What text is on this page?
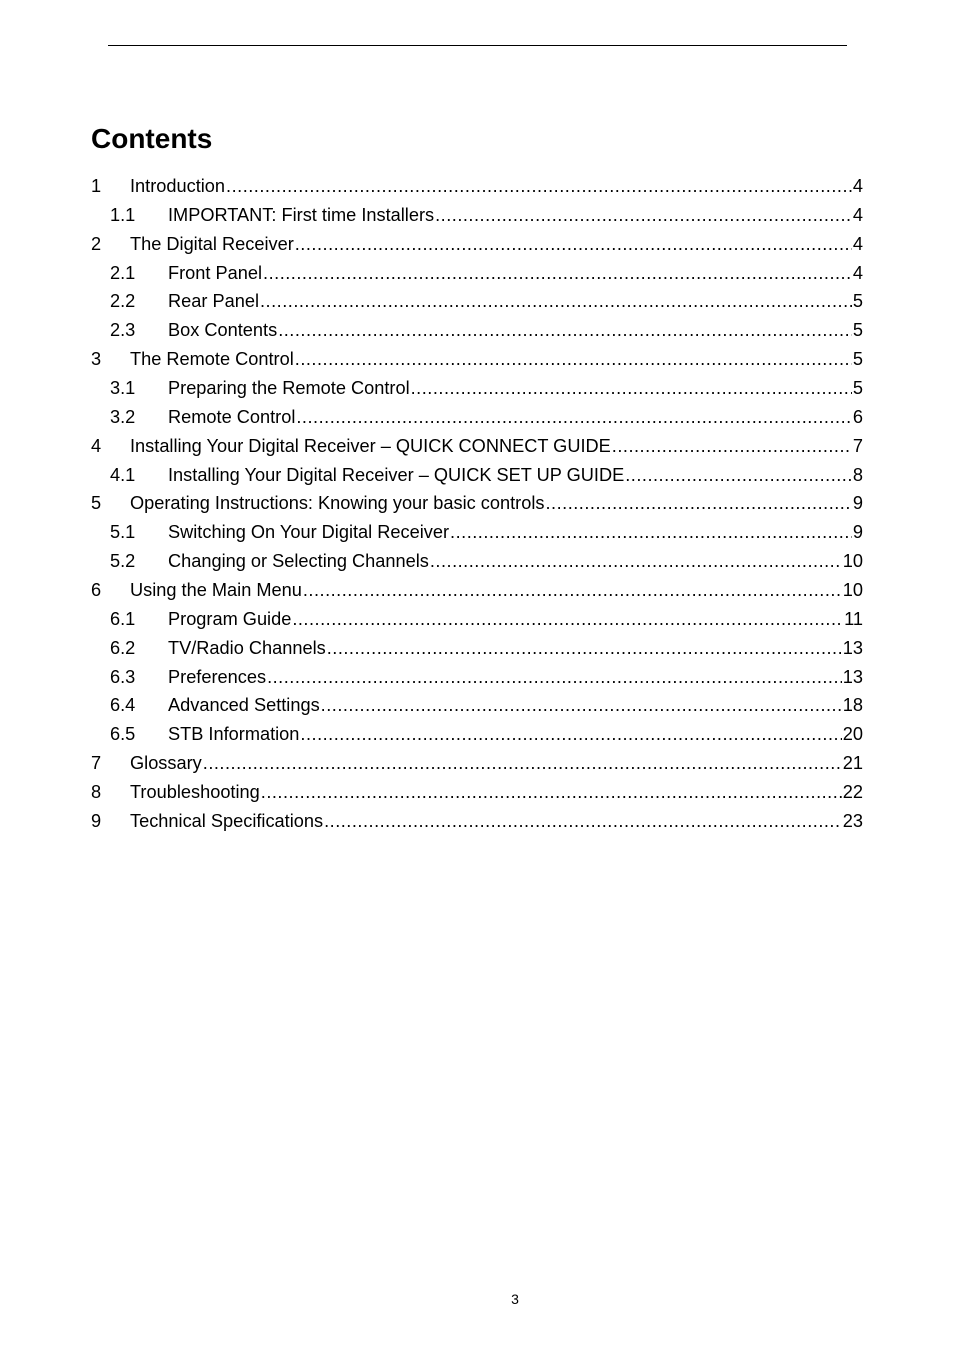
Contents
1	Introduction .....	4
1.1	IMPORTANT: First time Installers .....	4
2	The Digital Receiver .....	4
2.1	Front Panel .....	4
2.2	Rear Panel .....	5
2.3	Box Contents .....	5
3	The Remote Control .....	5
3.1	Preparing the Remote Control .....	5
3.2	Remote Control .....	6
4	Installing Your Digital Receiver – QUICK CONNECT GUIDE .....	7
4.1	Installing Your Digital Receiver – QUICK SET UP GUIDE .....	8
5	Operating Instructions: Knowing your basic controls .....	9
5.1	Switching On Your Digital Receiver .....	9
5.2	Changing or Selecting Channels .....	10
6	Using the Main Menu .....	10
6.1	Program Guide .....	11
6.2	TV/Radio Channels .....	13
6.3	Preferences .....	13
6.4	Advanced Settings .....	18
6.5	STB Information .....	20
7	Glossary .....	21
8	Troubleshooting .....	22
9	Technical Specifications .....	23
3
